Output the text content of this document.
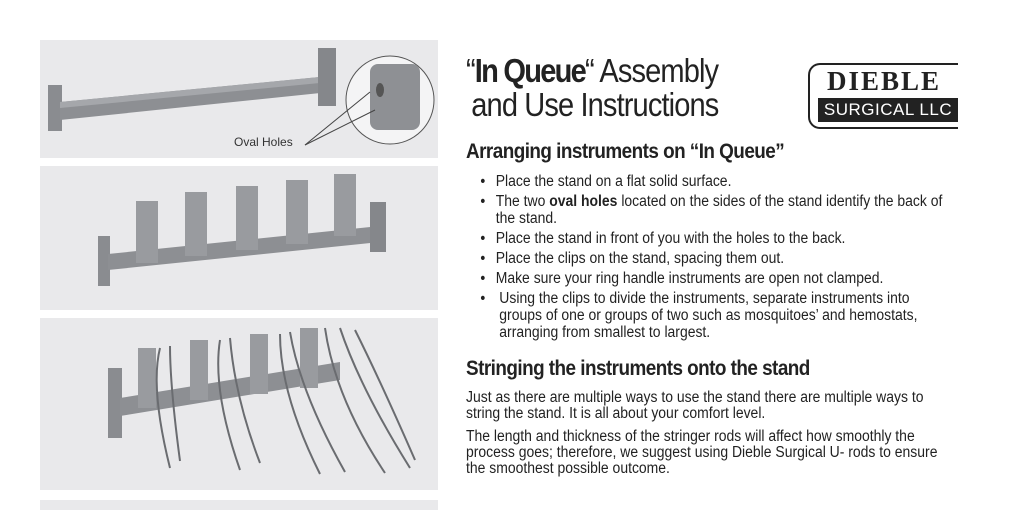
Oval Holes
“In Queue“ Assembly
and Use Instructions
DIEBLE
SURGICAL LLC
Arranging instruments on “In Queue”
• Place the stand on a flat solid surface.
• The two oval holes located on the sides of the stand identify the back of the stand.
• Place the stand in front of you with the holes to the back.
• Place the clips on the stand, spacing them out.
• Make sure your ring handle instruments are open not clamped.
• Using the clips to divide the instruments, separate instruments into groups of one or groups of two such as mosquitoes’ and hemostats, arranging from smallest to largest.
Stringing the instruments onto the stand

Just as there are multiple ways to use the stand there are multiple ways to string the stand. It is all about your comfort level.

The length and thickness of the stringer rods will affect how smoothly the process goes; therefore, we suggest using Dieble Surgical U- rods to ensure the smoothest possible outcome.
